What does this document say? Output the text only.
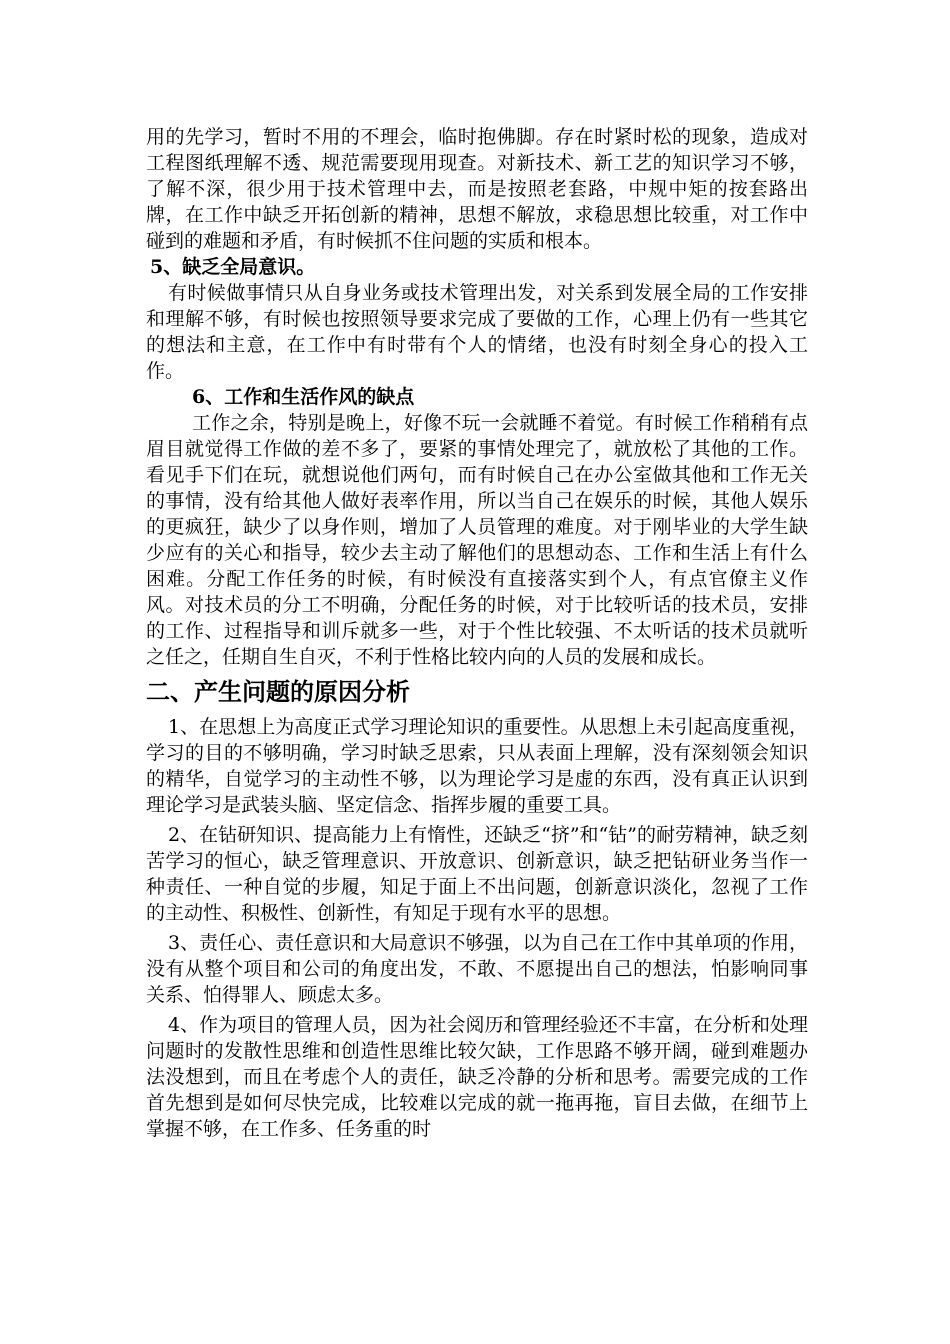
用的先学习，暂时不用的不理会，临时抱佛脚。存在时紧时松的现象，造成对工程图纸理解不透、规范需要现用现查。对新技术、新工艺的知识学习不够，了解不深，很少用于技术管理中去，而是按照老套路，中规中矩的按套路出牌，在工作中缺乏开拓创新的精神，思想不解放，求稳思想比较重，对工作中碰到的难题和矛盾，有时候抓不住问题的实质和根本。

5、缺乏全局意识。

有时候做事情只从自身业务或技术管理出发，对关系到发展全局的工作安排和理解不够，有时候也按照领导要求完成了要做的工作，心理上仍有一些其它的想法和主意，在工作中有时带有个人的情绪，也没有时刻全身心的投入工作。

6、工作和生活作风的缺点

工作之余，特别是晚上，好像不玩一会就睡不着觉。有时候工作稍稍有点眉目就觉得工作做的差不多了，要紧的事情处理完了，就放松了其他的工作。看见手下们在玩，就想说他们两句，而有时候自己在办公室做其他和工作无关的事情，没有给其他人做好表率作用，所以当自己在娱乐的时候，其他人娱乐的更疯狂，缺少了以身作则，增加了人员管理的难度。对于刚毕业的大学生缺少应有的关心和指导，较少去主动了解他们的思想动态、工作和生活上有什么困难。分配工作任务的时候，有时候没有直接落实到个人，有点官僚主义作风。对技术员的分工不明确，分配任务的时候，对于比较听话的技术员，安排的工作、过程指导和训斥就多一些，对于个性比较强、不太听话的技术员就听之任之，任期自生自灭，不利于性格比较内向的人员的发展和成长。

二、产生问题的原因分析

1、在思想上为高度正式学习理论知识的重要性。从思想上未引起高度重视，学习的目的不够明确，学习时缺乏思索，只从表面上理解，没有深刻领会知识的精华，自觉学习的主动性不够，以为理论学习是虚的东西，没有真正认识到理论学习是武装头脑、坚定信念、指挥步履的重要工具。

2、在钻研知识、提高能力上有惰性，还缺乏“挤”和“钻”的耐劳精神，缺乏刻苦学习的恒心，缺乏管理意识、开放意识、创新意识，缺乏把钻研业务当作一种责任、一种自觉的步履，知足于面上不出问题，创新意识淡化，忽视了工作的主动性、积极性、创新性，有知足于现有水平的思想。

3、责任心、责任意识和大局意识不够强，以为自己在工作中其单项的作用，没有从整个项目和公司的角度出发，不敢、不愿提出自己的想法，怕影响同事关系、怕得罪人、顾虑太多。

4、作为项目的管理人员，因为社会阅历和管理经验还不丰富，在分析和处理问题时的发散性思维和创造性思维比较欠缺，工作思路不够开阔，碰到难题办法没想到，而且在考虑个人的责任，缺乏冷静的分析和思考。需要完成的工作首先想到是如何尽快完成，比较难以完成的就一拖再拖，盲目去做，在细节上掌握不够，在工作多、任务重的时
